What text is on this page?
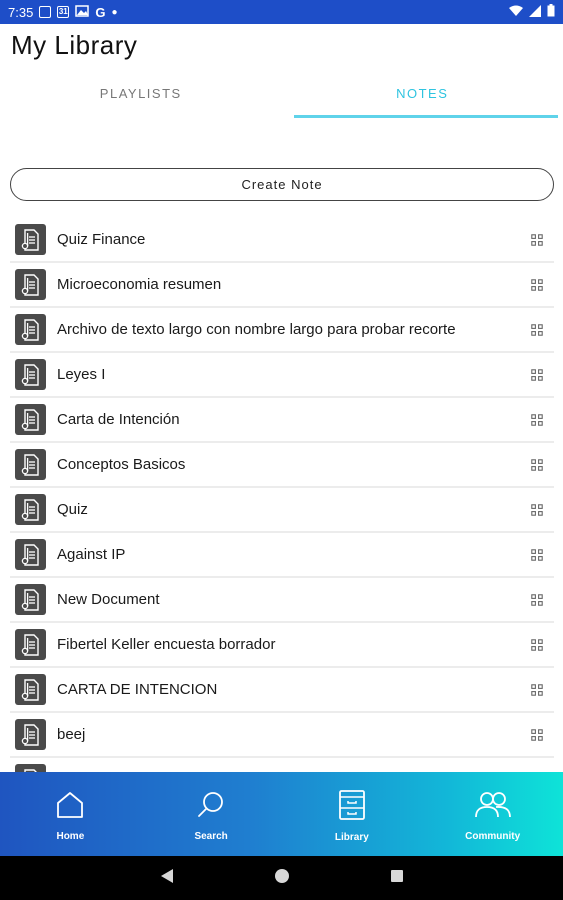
7:35	31 G ●
My Library
PLAYLISTS	NOTES
Create Note
Quiz Finance
Microeconomia resumen
Archivo de texto largo con nombre largo para probar recorte
Leyes I
Carta de Intención
Conceptos Basicos
Quiz
Against IP
New Document
Fibertel Keller encuesta borrador
CARTA DE INTENCION
beej
Home	Search	Library	Community
